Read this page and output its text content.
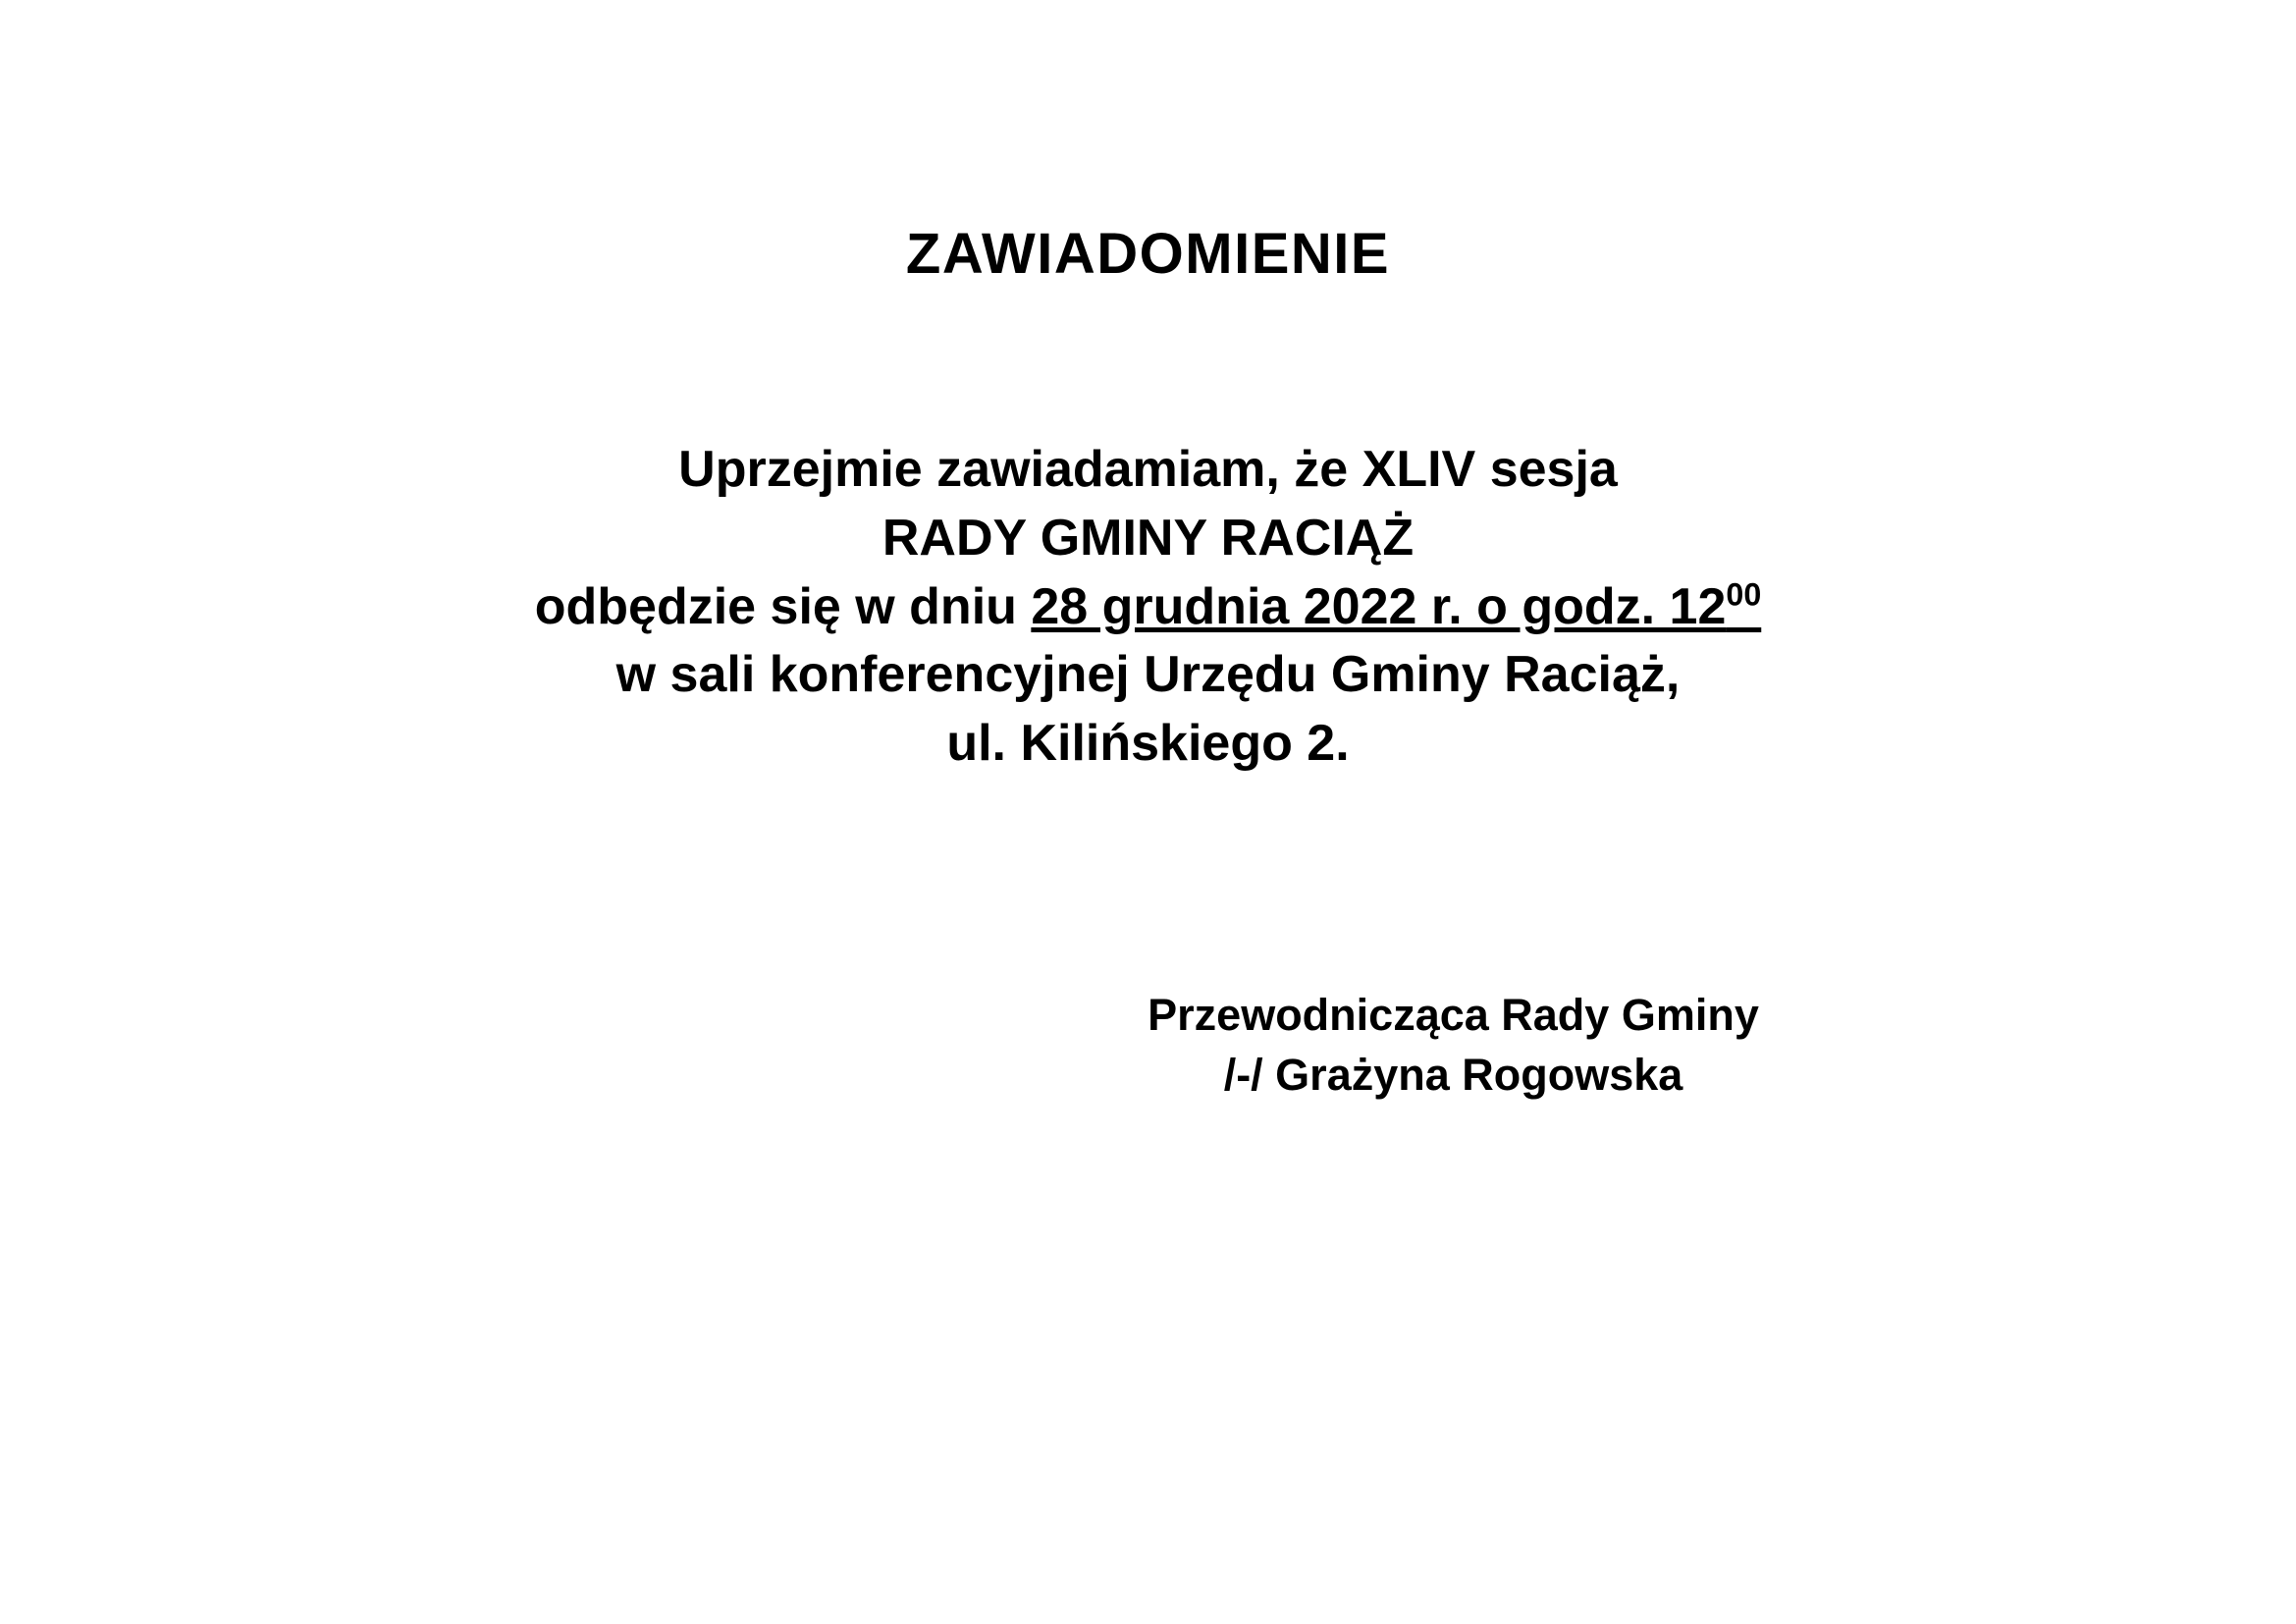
ZAWIADOMIENIE
Uprzejmie zawiadamiam, że XLIV sesja
RADY GMINY RACIĄŻ
odbędzie się w dniu 28 grudnia 2022 r. o godz. $12^{00}$
w sali konferencyjnej Urzędu Gminy Raciąż,
ul. Kilińskiego 2.
Przewodnicząca Rady Gminy
/-/ Grażyna Rogowska
